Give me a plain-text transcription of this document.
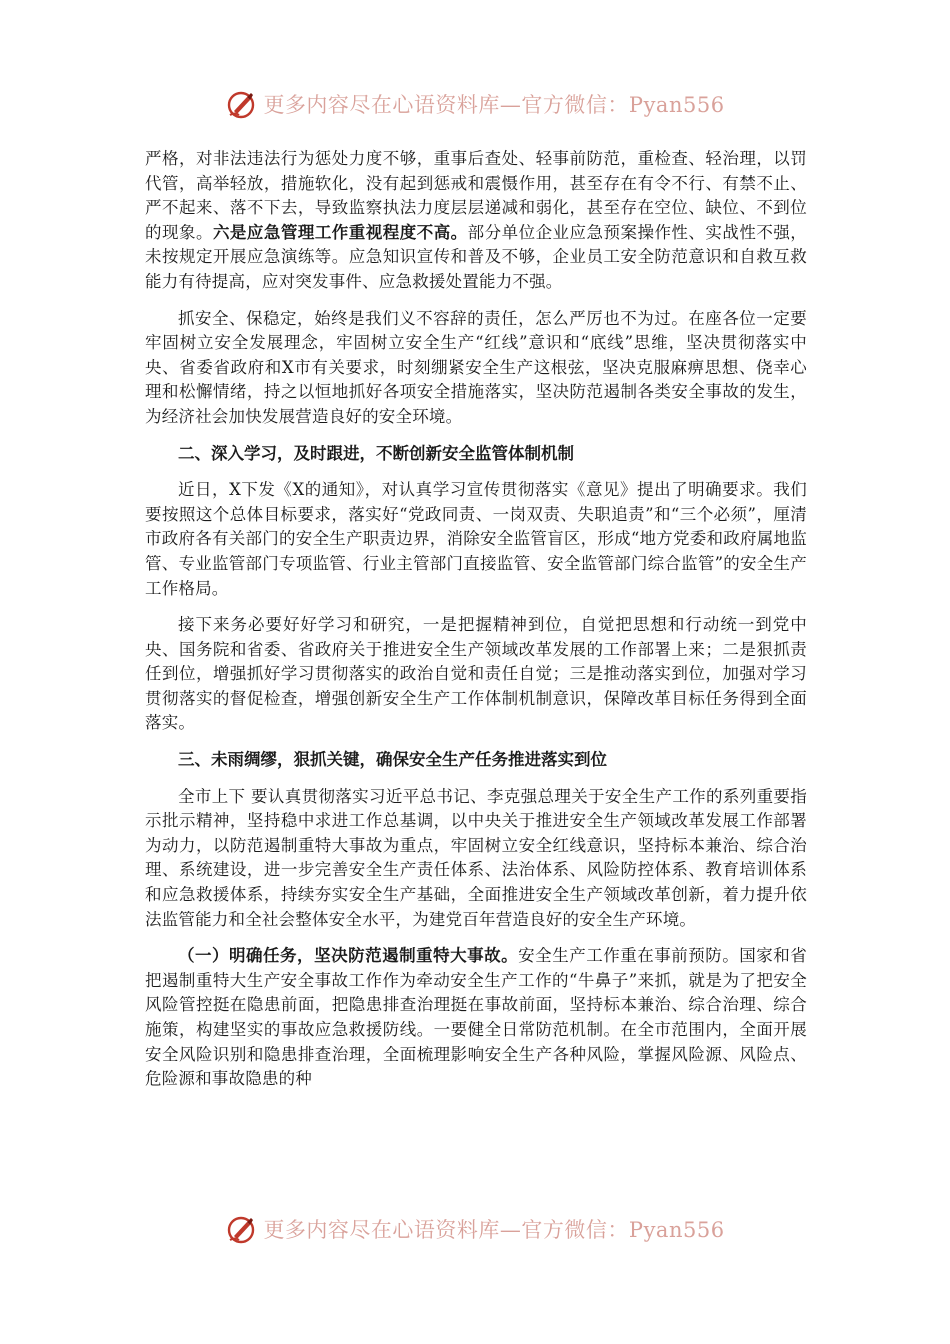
更多内容尽在心语资料库—官方微信：Pyan556

严格，对非法违法行为惩处力度不够，重事后查处、轻事前防范，重检查、轻治理，以罚代管，高举轻放，措施软化，没有起到惩戒和震慑作用，甚至存在有令不行、有禁不止、严不起来、落不下去，导致监察执法力度层层递减和弱化，甚至存在空位、缺位、不到位的现象。六是应急管理工作重视程度不高。部分单位企业应急预案操作性、实战性不强，未按规定开展应急演练等。应急知识宣传和普及不够，企业员工安全防范意识和自救互救能力有待提高，应对突发事件、应急救援处置能力不强。

抓安全、保稳定，始终是我们义不容辞的责任，怎么严厉也不为过。在座各位一定要牢固树立安全发展理念，牢固树立安全生产“红线”意识和“底线”思维，坚决贯彻落实中央、省委省政府和X市有关要求，时刻绷紧安全生产这根弦，坚决克服麻痹思想、侥幸心理和松懈情绪，持之以恒地抓好各项安全措施落实，坚决防范遏制各类安全事故的发生，为经济社会加快发展营造良好的安全环境。

二、深入学习，及时跟进，不断创新安全监管体制机制

近日，X下发《X的通知》，对认真学习宣传贯彻落实《意见》提出了明确要求。我们要按照这个总体目标要求，落实好“党政同责、一岗双责、失职追责”和“三个必须”，厘清市政府各有关部门的安全生产职责边界，消除安全监管盲区，形成“地方党委和政府属地监管、专业监管部门专项监管、行业主管部门直接监管、安全监管部门综合监管”的安全生产工作格局。

接下来务必要好好学习和研究，一是把握精神到位，自觉把思想和行动统一到党中央、国务院和省委、省政府关于推进安全生产领域改革发展的工作部署上来；二是狠抓责任到位，增强抓好学习贯彻落实的政治自觉和责任自觉；三是推动落实到位，加强对学习贯彻落实的督促检查，增强创新安全生产工作体制机制意识，保障改革目标任务得到全面落实。

三、未雨绸缪，狠抓关键，确保安全生产任务推进落实到位

全市上下 要认真贯彻落实习近平总书记、李克强总理关于安全生产工作的系列重要指示批示精神，坚持稳中求进工作总基调，以中央关于推进安全生产领域改革发展工作部署为动力，以防范遏制重特大事故为重点，牢固树立安全红线意识，坚持标本兼治、综合治理、系统建设，进一步完善安全生产责任体系、法治体系、风险防控体系、教育培训体系和应急救援体系，持续夯实安全生产基础，全面推进安全生产领域改革创新，着力提升依法监管能力和全社会整体安全水平，为建党百年营造良好的安全生产环境。

（一）明确任务，坚决防范遏制重特大事故。安全生产工作重在事前预防。国家和省把遏制重特大生产安全事故工作作为牵动安全生产工作的“牛鼻子”来抓，就是为了把安全风险管控挺在隐患前面，把隐患排查治理挺在事故前面，坚持标本兼治、综合治理、综合施策，构建坚实的事故应急救援防线。一要健全日常防范机制。在全市范围内，全面开展安全风险识别和隐患排查治理，全面梳理影响安全生产各种风险，掌握风险源、风险点、危险源和事故隐患的种

更多内容尽在心语资料库—官方微信：Pyan556
